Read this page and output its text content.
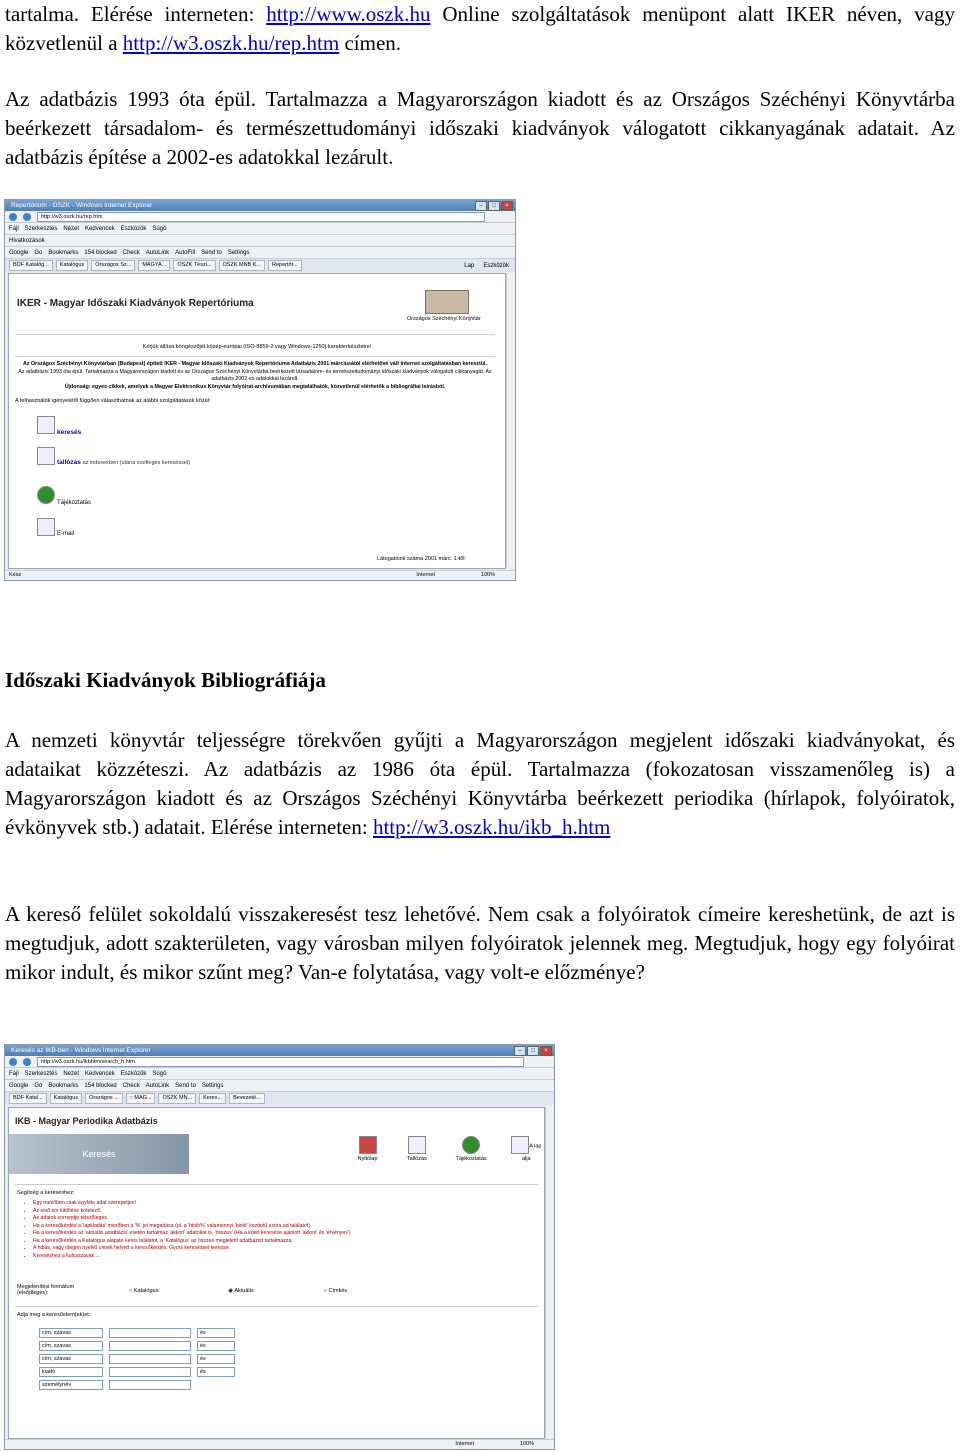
tartalma. Elérése interneten: http://www.oszk.hu Online szolgáltatások menüpont alatt IKER néven, vagy közvetlenül a http://w3.oszk.hu/rep.htm címen.
Az adatbázis 1993 óta épül. Tartalmazza a Magyarországon kiadott és az Országos Széchényi Könyvtárba beérkezett társadalom- és természettudományi időszaki kiadványok válogatott cikkanyagának adatait. Az adatbázis építése a 2002-es adatokkal lezárult.
Repertórium - OSZK - Windows Internet Explorer	–	□	×
http://w3.oszk.hu/rep.htm
Fájl Szerkesztés Nézet Kedvencek Eszközök Súgó
Hivatkozások
Google Go Bookmarks 154 blocked Check AutoLink AutoFill Send to Settings
BDF Katalóg...	Katalógus	Országos Sz...	MAGYA...	OSZK Tészi...	OSZK MNB K...	Repertór...	Lap Eszközök
IKER - Magyar Időszaki Kiadványok Repertóriuma
Országos Széchényi Könyvtár
Kérjük állítsa böngészőjét közép-európai (ISO-8859-2 vagy Windows-1250) karakterkészletre!
Az Országos Széchényi Könyvtárban (Budapest) épített IKER - Magyar Időszaki Kiadványok Repertóriuma Adatbázis 2001 márciusától elérhetővé vált Internet szolgáltatásban keresztül.
Az adatbázis 1993 óta épül. Tartalmazza a Magyarországon kiadott és az Országos Széchényi Könyvtárba beérkezett társadalom- és természettudományi időszaki kiadványok válogatott cikkanyagát. Az adatbázis 2002-es adatokkal lezárult.
Újdonság: egyes cikkek, amelyek a Magyar Elektronikus Könyvtár folyóirat-archívumában megtalálhatók, közvetlenül elérhetők a bibliográfiai leírásból.
A felhasználók igényeiktől függően választhatnak az alábbi szolgáltatások közül:
keresés
tallózás az indexekben (utána esetleges kereséssel)
Tájékoztatás
E-mail
Látogatóink száma 2001 márc. 1-től:
Kész	Internet	100%
Időszaki Kiadványok Bibliográfiája
A nemzeti könyvtár teljességre törekvően gyűjti a Magyarországon megjelent időszaki kiadványokat, és adataikat közzéteszi. Az adatbázis az 1986 óta épül. Tartalmazza (fokozatosan visszamenőleg is) a Magyarországon kiadott és az Országos Széchényi Könyvtárba beérkezett periodika (hírlapok, folyóiratok, évkönyvek stb.) adatait. Elérése interneten: http://w3.oszk.hu/ikb_h.htm
A kereső felület sokoldalú visszakeresést tesz lehetővé. Nem csak a folyóiratok címeire kereshetünk, de azt is megtudjuk, adott szakterületen, vagy városban milyen folyóiratok jelennek meg. Megtudjuk, hogy egy folyóirat mikor indult, és mikor szűnt meg? Van-e folytatása, vagy volt-e előzménye?
Keresés az IKB-ben - Windows Internet Explorer	–	□	×
http://w3.oszk.hu/ikbhtm/search_h.htm
Fájl Szerkesztés Nézet Kedvencek Eszközök Súgó
Google Go Bookmarks 154 blocked Check AutoLink Send to Settings
BDF Katal...	Katalógus	Országos ...	:: MAG...	OSZK MN...	Keres...	Bevezeté...
IKB - Magyar Periodika Adatbázis
Keresés	Nyitólap	Tallózás	Tájékoztatás
A lap alja
Segítség a kereséshez:
• Egy mezőben csak egyféle adat szerepeljen!
• Az első sor kitöltése kötelező.
• Az adatok sorrendje tetszőleges.
• Ha a keresőkérdés a 'lapkiadás' mezőben a '%' jel megadása (pl. a 'bioló%' valamennyi 'bioló' kezdetű szóra ad találatot)
• Ha a keresőkérdés az 'aktuális adatbázis' esetén tartalmaz 'akkori' adatokat is, 'összes' (Ha a kötet keresése ajánlott 'akkori' és 'érvényes')
• Ha a keresőkérdés a Katalógus alapján keres találatot, a 'Katalógus' az összes megjelent adatbázist tartalmazza.
• A hibás, vagy idegen nyelvű címek helyett a keresőkérdés: Gyors kereséssel keresse.
• Kereséshez a kulcsszavak ...
Megjelenítési formátum (elsődleges):	○ Katalógus	◉ Aktuális	○ Címkés
Adja meg a keresőelem(ek)et:
cím, szavas	és
cím, szavas	és
cím, szavas	és
kiadó	és
személynév
Internet	100%
